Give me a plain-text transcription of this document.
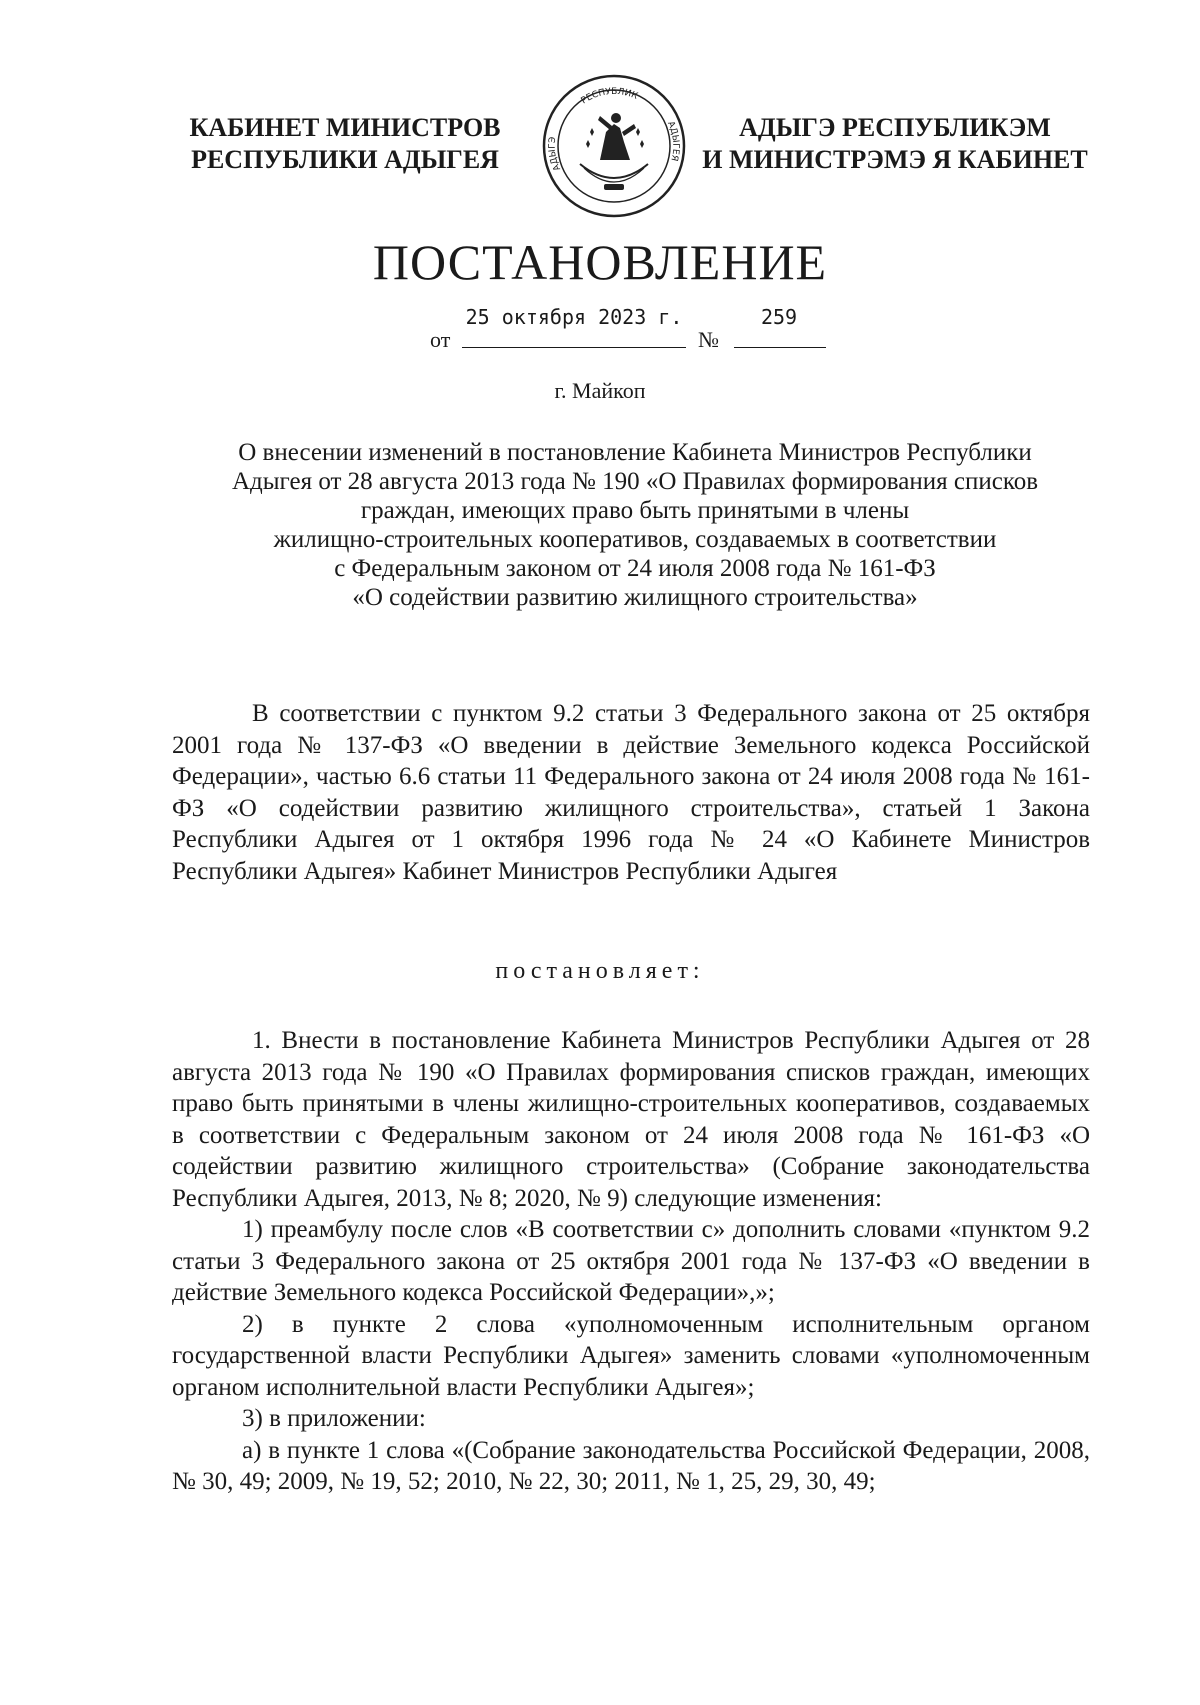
КАБИНЕТ МИНИСТРОВ
РЕСПУБЛИКИ АДЫГЕЯ
РЕСПУБЛИК
АДЫГЭ
АДЫГЕЯ
АДЫГЭ РЕСПУБЛИКЭМ
И МИНИСТРЭМЭ Я КАБИНЕТ
ПОСТАНОВЛЕНИЕ
от
25 октября 2023 г.
№
259
г. Майкоп
О внесении изменений в постановление Кабинета Министров Республики
Адыгея от 28 августа 2013 года № 190 «О Правилах формирования списков
граждан, имеющих право быть принятыми в члены
жилищно-строительных кооперативов, создаваемых в соответствии
с Федеральным законом от 24 июля 2008 года № 161-ФЗ
«О содействии развитию жилищного строительства»

В соответствии с пунктом 9.2 статьи 3 Федерального закона от 25 октября 2001 года № 137-ФЗ «О введении в действие Земельного кодекса Российской Федерации», частью 6.6 статьи 11 Федерального закона от 24 июля 2008 года № 161-ФЗ «О содействии развитию жилищного строительства», статьей 1 Закона Республики Адыгея от 1 октября 1996 года № 24 «О Кабинете Министров Республики Адыгея» Кабинет Министров Республики Адыгея

постановляет:

1. Внести в постановление Кабинета Министров Республики Адыгея от 28 августа 2013 года № 190 «О Правилах формирования списков граждан, имеющих право быть принятыми в члены жилищно-строительных кооперативов, создаваемых в соответствии с Федеральным законом от 24 июля 2008 года № 161-ФЗ «О содействии развитию жилищного строительства» (Собрание законодательства Республики Адыгея, 2013, № 8; 2020, № 9) следующие изменения:

1) преамбулу после слов «В соответствии с» дополнить словами «пунктом 9.2 статьи 3 Федерального закона от 25 октября 2001 года № 137-ФЗ «О введении в действие Земельного кодекса Российской Федерации»,»;

2) в пункте 2 слова «уполномоченным исполнительным органом государственной власти Республики Адыгея» заменить словами «уполномоченным органом исполнительной власти Республики Адыгея»;

3) в приложении:

а) в пункте 1 слова «(Собрание законодательства Российской Федерации, 2008, № 30, 49; 2009, № 19, 52; 2010, № 22, 30; 2011, № 1, 25, 29, 30, 49;
